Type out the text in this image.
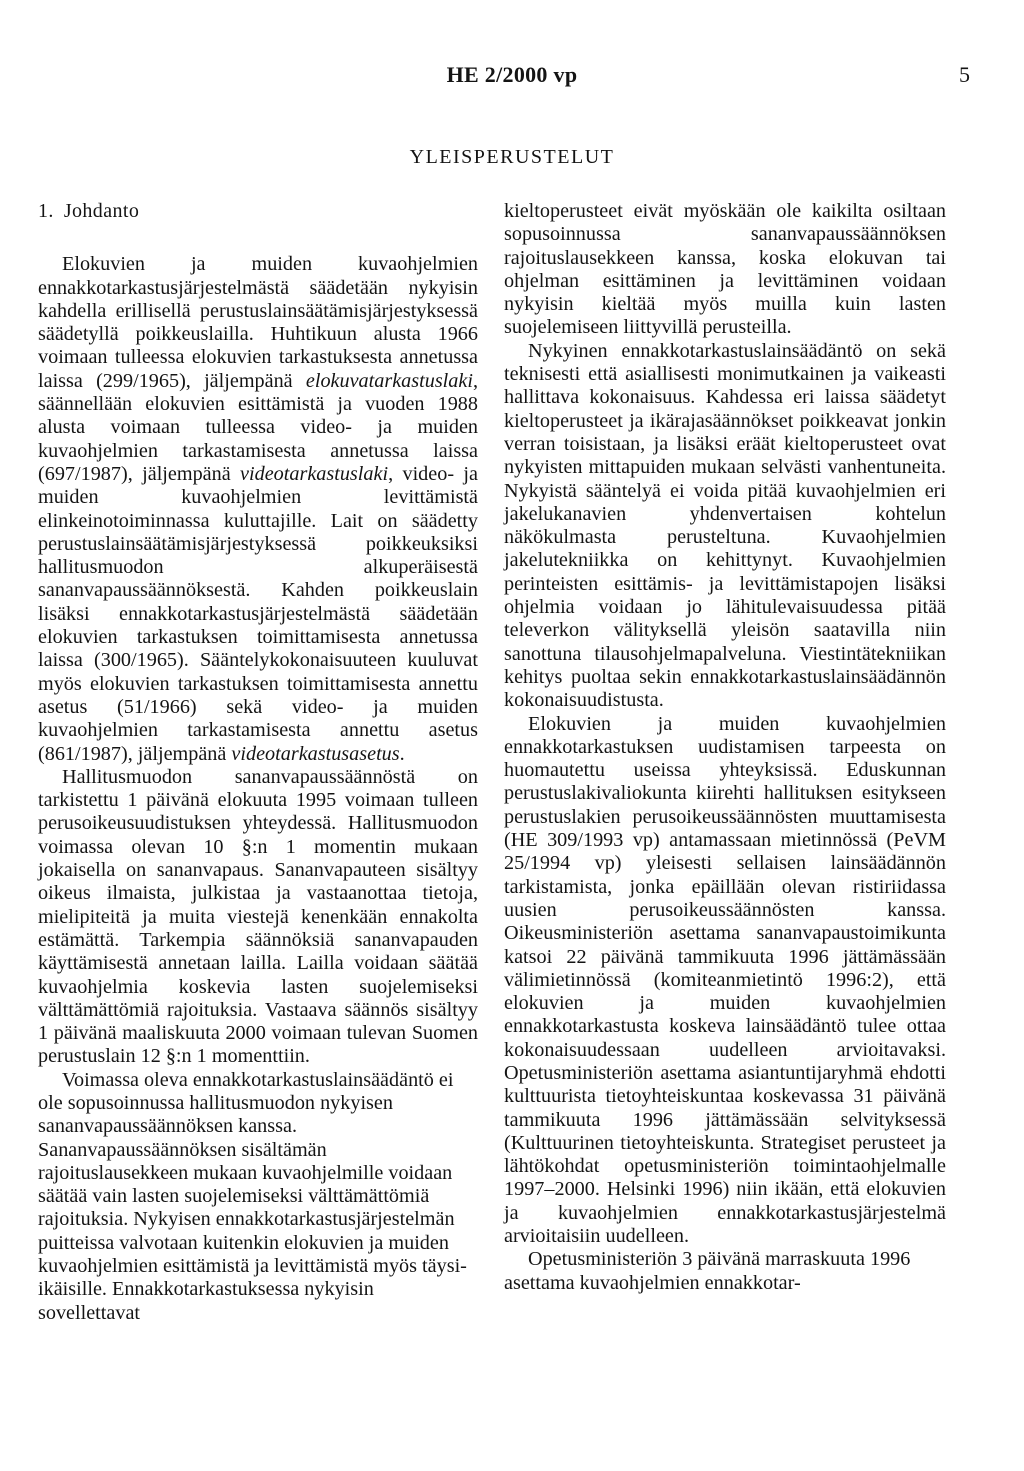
HE 2/2000 vp	5
YLEISPERUSTELUT
1. Johdanto

Elokuvien ja muiden kuvaohjelmien ennakkotarkastusjärjestelmästä säädetään nykyisin kahdella erillisellä perustuslainsäätämisjärjestyksessä säädetyllä poikkeuslailla. Huhtikuun alusta 1966 voimaan tulleessa elokuvien tarkastuksesta annetussa laissa (299/1965), jäljempänä elokuvatarkastuslaki, säännellään elokuvien esittämistä ja vuoden 1988 alusta voimaan tulleessa video- ja muiden kuvaohjelmien tarkastamisesta annetussa laissa (697/1987), jäljempänä videotarkastuslaki, video- ja muiden kuvaohjelmien levittämistä elinkeinotoiminnassa kuluttajille. Lait on säädetty perustuslainsäätämisjärjestyksessä poikkeuksiksi hallitusmuodon alkuperäisestä sananvapaussäännöksestä. Kahden poikkeuslain lisäksi ennakkotarkastusjärjestelmästä säädetään elokuvien tarkastuksen toimittamisesta annetussa laissa (300/1965). Sääntelykokonaisuuteen kuuluvat myös elokuvien tarkastuksen toimittamisesta annettu asetus (51/1966) sekä video- ja muiden kuvaohjelmien tarkastamisesta annettu asetus (861/1987), jäljempänä videotarkastusasetus.

Hallitusmuodon sananvapaussäännöstä on tarkistettu 1 päivänä elokuuta 1995 voimaan tulleen perusoikeusuudistuksen yhteydessä. Hallitusmuodon voimassa olevan 10 §:n 1 momentin mukaan jokaisella on sananvapaus. Sananvapauteen sisältyy oikeus ilmaista, julkistaa ja vastaanottaa tietoja, mielipiteitä ja muita viestejä kenenkään ennakolta estämättä. Tarkempia säännöksiä sananvapauden käyttämisestä annetaan lailla. Lailla voidaan säätää kuvaohjelmia koskevia lasten suojelemiseksi välttämättömiä rajoituksia. Vastaava säännös sisältyy 1 päivänä maaliskuuta 2000 voimaan tulevan Suomen perustuslain 12 §:n 1 momenttiin.

Voimassa oleva ennakkotarkastuslainsäädäntö ei ole sopusoinnussa hallitusmuodon nykyisen sananvapaussäännöksen kanssa. Sananvapaussäännöksen sisältämän rajoituslausekkeen mukaan kuvaohjelmille voidaan säätää vain lasten suojelemiseksi välttämättömiä rajoituksia. Nykyisen ennakkotarkastusjärjestelmän puitteissa valvotaan kuitenkin elokuvien ja muiden kuvaohjelmien esittämistä ja levittämistä myös täysi-ikäisille. Ennakkotarkastuksessa nykyisin sovellettavat

kieltoperusteet eivät myöskään ole kaikilta osiltaan sopusoinnussa sananvapaussäännöksen rajoituslausekkeen kanssa, koska elokuvan tai ohjelman esittäminen ja levittäminen voidaan nykyisin kieltää myös muilla kuin lasten suojelemiseen liittyvillä perusteilla.

Nykyinen ennakkotarkastuslainsäädäntö on sekä teknisesti että asiallisesti monimutkainen ja vaikeasti hallittava kokonaisuus. Kahdessa eri laissa säädetyt kieltoperusteet ja ikärajasäännökset poikkeavat jonkin verran toisistaan, ja lisäksi eräät kieltoperusteet ovat nykyisten mittapuiden mukaan selvästi vanhentuneita. Nykyistä sääntelyä ei voida pitää kuvaohjelmien eri jakelukanavien yhdenvertaisen kohtelun näkökulmasta perusteltuna. Kuvaohjelmien jakelutekniikka on kehittynyt. Kuvaohjelmien perinteisten esittämis- ja levittämistapojen lisäksi ohjelmia voidaan jo lähitulevaisuudessa pitää televerkon välityksellä yleisön saatavilla niin sanottuna tilausohjelmapalveluna. Viestintätekniikan kehitys puoltaa sekin ennakkotarkastuslainsäädännön kokonaisuudistusta.

Elokuvien ja muiden kuvaohjelmien ennakkotarkastuksen uudistamisen tarpeesta on huomautettu useissa yhteyksissä. Eduskunnan perustuslakivaliokunta kiirehti hallituksen esitykseen perustuslakien perusoikeussäännösten muuttamisesta (HE 309/1993 vp) antamassaan mietinnössä (PeVM 25/1994 vp) yleisesti sellaisen lainsäädännön tarkistamista, jonka epäillään olevan ristiriidassa uusien perusoikeussäännösten kanssa. Oikeusministeriön asettama sananvapaustoimikunta katsoi 22 päivänä tammikuuta 1996 jättämässään välimietinnössä (komiteanmietintö 1996:2), että elokuvien ja muiden kuvaohjelmien ennakkotarkastusta koskeva lainsäädäntö tulee ottaa kokonaisuudessaan uudelleen arvioitavaksi. Opetusministeriön asettama asiantuntijaryhmä ehdotti kulttuurista tietoyhteiskuntaa koskevassa 31 päivänä tammikuuta 1996 jättämässään selvityksessä (Kulttuurinen tietoyhteiskunta. Strategiset perusteet ja lähtökohdat opetusministeriön toimintaohjelmalle 1997–2000. Helsinki 1996) niin ikään, että elokuvien ja kuvaohjelmien ennakkotarkastusjärjestelmä arvioitaisiin uudelleen.

Opetusministeriön 3 päivänä marraskuuta 1996 asettama kuvaohjelmien ennakkotar-
